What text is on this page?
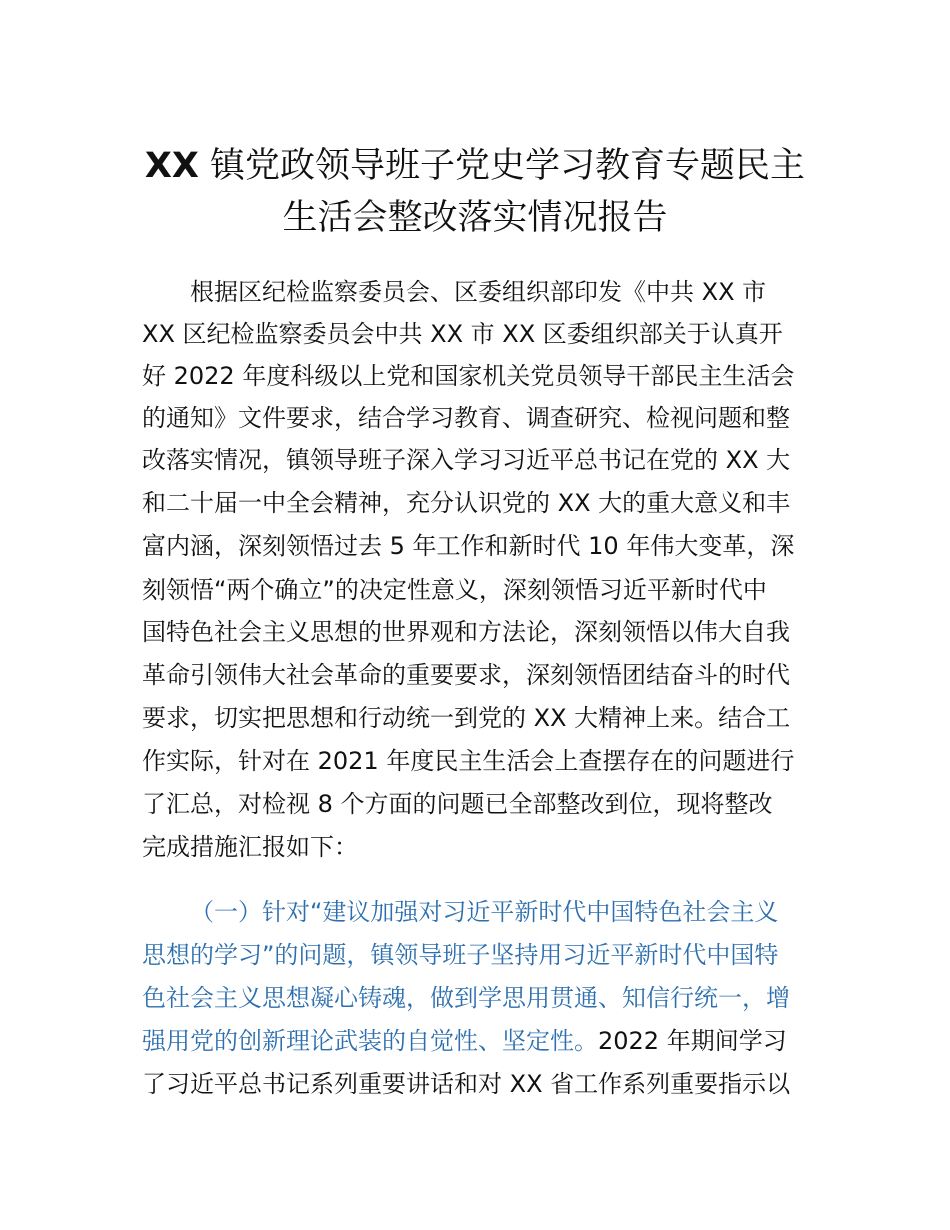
XX 镇党政领导班子党史学习教育专题民主
生活会整改落实情况报告

根据区纪检监察委员会、区委组织部印发《中共 XX 市

XX 区纪检监察委员会中共 XX 市 XX 区委组织部关于认真开

好 2022 年度科级以上党和国家机关党员领导干部民主生活会

的通知》文件要求，结合学习教育、调查研究、检视问题和整

改落实情况，镇领导班子深入学习习近平总书记在党的 XX 大

和二十届一中全会精神，充分认识党的 XX 大的重大意义和丰

富内涵，深刻领悟过去 5 年工作和新时代 10 年伟大变革，深

刻领悟“两个确立”的决定性意义，深刻领悟习近平新时代中

国特色社会主义思想的世界观和方法论，深刻领悟以伟大自我

革命引领伟大社会革命的重要要求，深刻领悟团结奋斗的时代

要求，切实把思想和行动统一到党的 XX 大精神上来。结合工

作实际，针对在 2021 年度民主生活会上查摆存在的问题进行

了汇总，对检视 8 个方面的问题已全部整改到位，现将整改

完成措施汇报如下：

（一）针对“建议加强对习近平新时代中国特色社会主义

思想的学习”的问题，镇领导班子坚持用习近平新时代中国特

色社会主义思想凝心铸魂，做到学思用贯通、知信行统一，增

强用党的创新理论武装的自觉性、坚定性。2022 年期间学习

了习近平总书记系列重要讲话和对 XX 省工作系列重要指示以
